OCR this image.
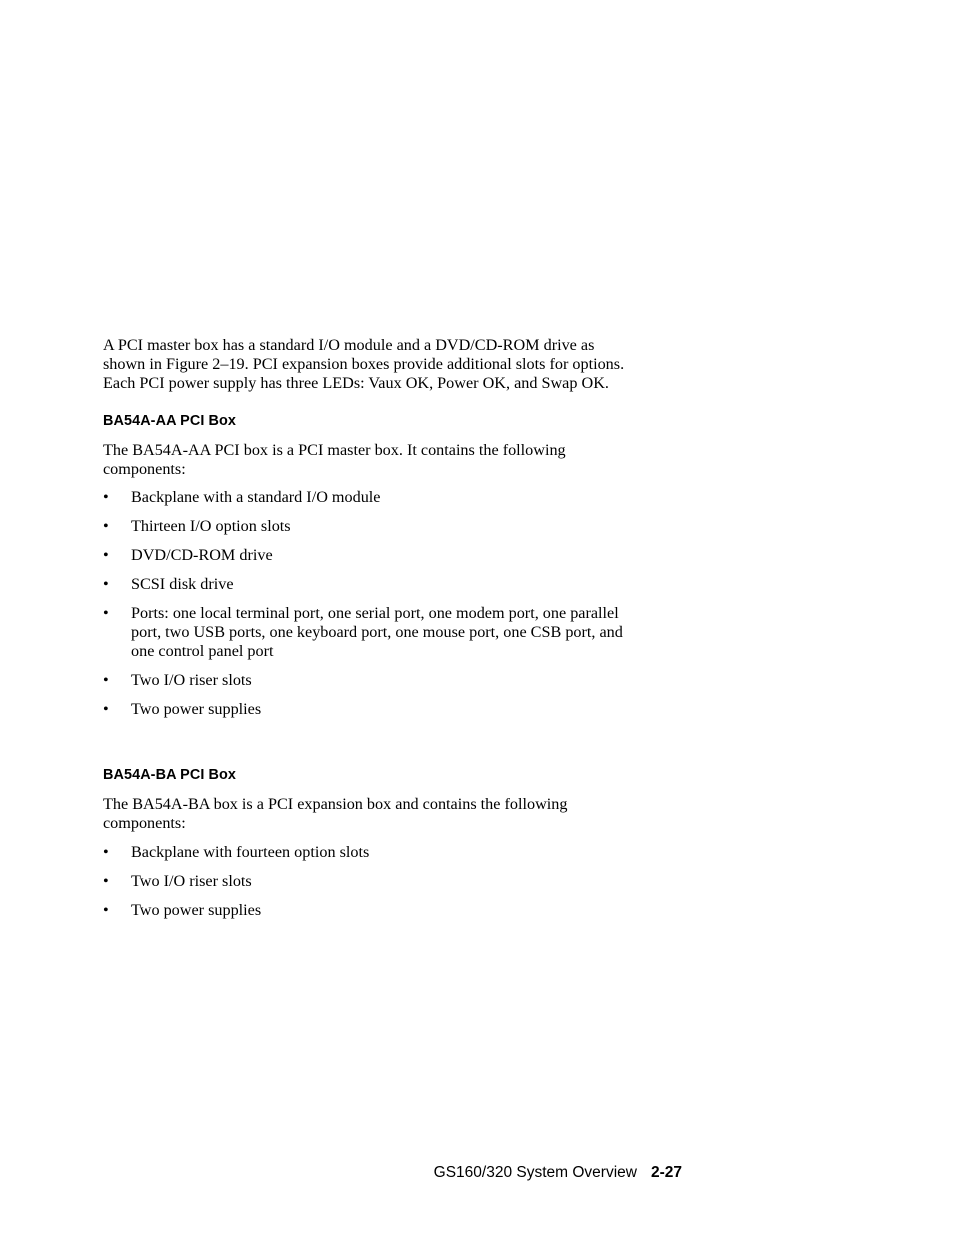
A PCI master box has a standard I/O module and a DVD/CD-ROM drive as
shown in Figure 2–19. PCI expansion boxes provide additional slots for options.
Each PCI power supply has three LEDs: Vaux OK, Power OK, and Swap OK.

BA54A-AA PCI Box

The BA54A-AA PCI box is a PCI master box. It contains the following
components:

•	Backplane with a standard I/O module
•	Thirteen I/O option slots
•	DVD/CD-ROM drive
•	SCSI disk drive
•	Ports: one local terminal port, one serial port, one modem port, one parallel
port, two USB ports, one keyboard port, one mouse port, one CSB port, and
one control panel port
•	Two I/O riser slots
•	Two power supplies
BA54A-BA PCI Box

The BA54A-BA box is a PCI expansion box and contains the following
components:

•	Backplane with fourteen option slots
•	Two I/O riser slots
•	Two power supplies
GS160/320 System Overview 2-27
